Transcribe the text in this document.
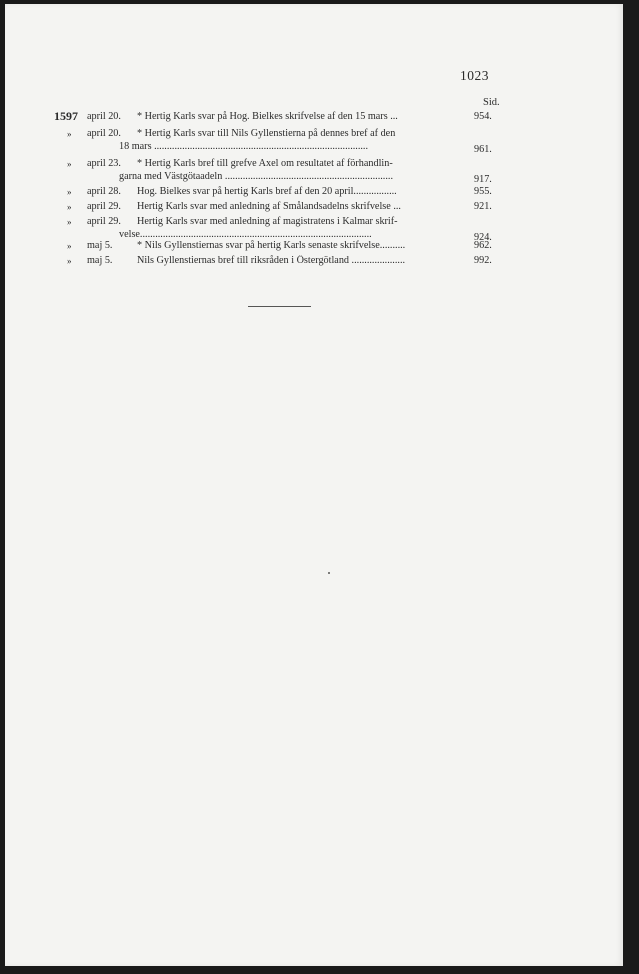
1023
Sid.
1597 april 20. * Hertig Karls svar på Hog. Bielkes skrifvelse af den 15 mars ...	954.
» april 20. * Hertig Karls svar till Nils Gyllenstierna på dennes bref af den
18 mars ....................................................................................	961.
» april 23. * Hertig Karls bref till grefve Axel om resultatet af förhandlin-
garna med Västgötaadeln ..................................................................	917.
» april 28. Hog. Bielkes svar på hertig Karls bref af den 20 april.................	955.
» april 29. Hertig Karls svar med anledning af Smålandsadelns skrifvelse ...	921.
» april 29. Hertig Karls svar med anledning af magistratens i Kalmar skrif-
velse...........................................................................................	924.
» maj 5. * Nils Gyllenstiernas svar på hertig Karls senaste skrifvelse..........	962.
» maj 5. Nils Gyllenstiernas bref till riksråden i Östergötland .....................	992.
